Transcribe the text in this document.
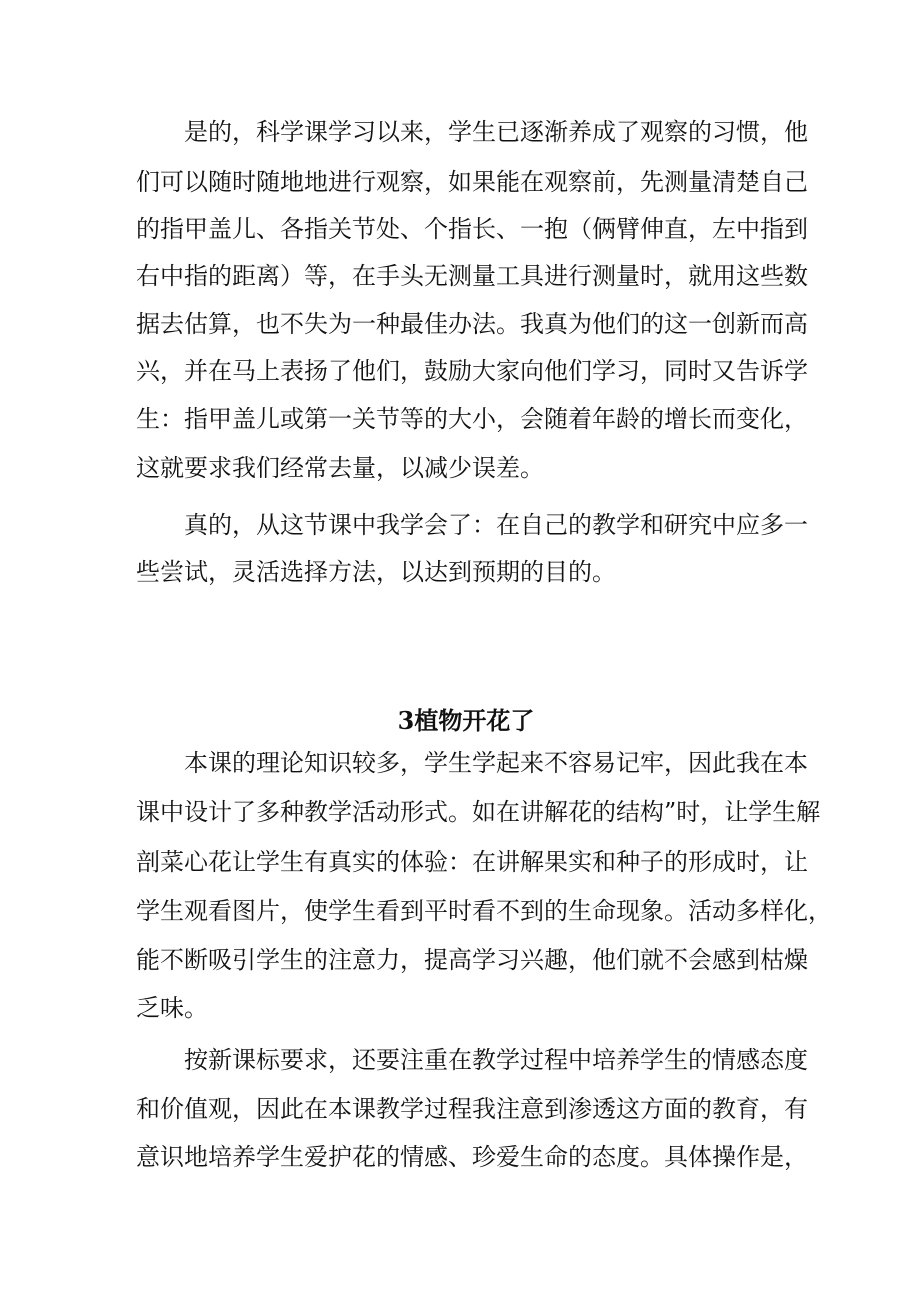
是的，科学课学习以来，学生已逐渐养成了观察的习惯，他

们可以随时随地地进行观察，如果能在观察前，先测量清楚自己

的指甲盖儿、各指关节处、个指长、一抱（俩臂伸直，左中指到

右中指的距离）等，在手头无测量工具进行测量时，就用这些数

据去估算，也不失为一种最佳办法。我真为他们的这一创新而高

兴，并在马上表扬了他们，鼓励大家向他们学习，同时又告诉学

生：指甲盖儿或第一关节等的大小，会随着年龄的增长而变化，

这就要求我们经常去量，以减少误差。

真的，从这节课中我学会了：在自己的教学和研究中应多一

些尝试，灵活选择方法，以达到预期的目的。

3植物开花了

本课的理论知识较多，学生学起来不容易记牢，因此我在本

课中设计了多种教学活动形式。如在讲解花的结构”时，让学生解

剖菜心花让学生有真实的体验：在讲解果实和种子的形成时，让

学生观看图片，使学生看到平时看不到的生命现象。活动多样化，

能不断吸引学生的注意力，提高学习兴趣，他们就不会感到枯燥

乏味。

按新课标要求，还要注重在教学过程中培养学生的情感态度

和价值观，因此在本课教学过程我注意到渗透这方面的教育，有

意识地培养学生爱护花的情感、珍爱生命的态度。具体操作是，
